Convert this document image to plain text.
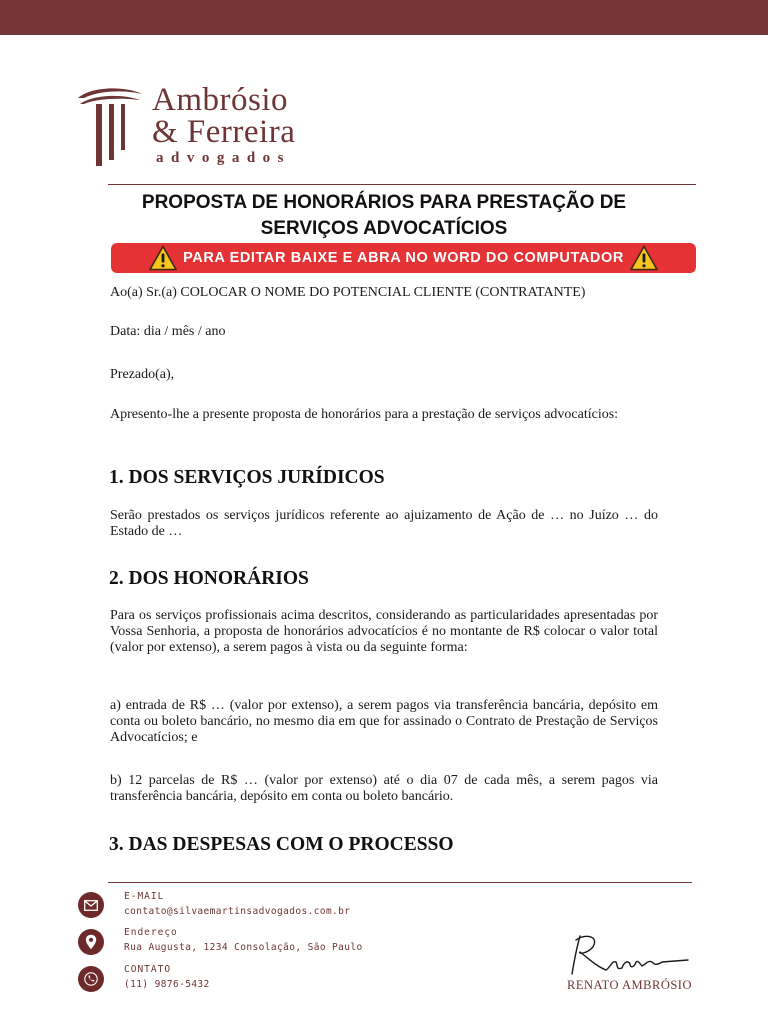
Ambrósio
& Ferreira
advogados
PROPOSTA DE HONORÁRIOS PARA PRESTAÇÃO DE
SERVIÇOS ADVOCATÍCIOS
PARA EDITAR BAIXE E ABRA NO WORD DO COMPUTADOR
Ao(a) Sr.(a) COLOCAR O NOME DO POTENCIAL CLIENTE (CONTRATANTE)
Data: dia / mês / ano
Prezado(a),
Apresento-lhe a presente proposta de honorários para a prestação de serviços advocatícios:
1. DOS SERVIÇOS JURÍDICOS
Serão prestados os serviços jurídicos referente ao ajuizamento de Ação de … no Juízo … do Estado de …
2. DOS HONORÁRIOS
Para os serviços profissionais acima descritos, considerando as particularidades apresentadas por Vossa Senhoria, a proposta de honorários advocatícios é no montante de R$ colocar o valor total (valor por extenso), a serem pagos à vista ou da seguinte forma:
a) entrada de R$ … (valor por extenso), a serem pagos via transferência bancária, depósito em conta ou boleto bancário, no mesmo dia em que for assinado o Contrato de Prestação de Serviços Advocatícios; e
b) 12 parcelas de R$ … (valor por extenso) até o dia 07 de cada mês, a serem pagos via transferência bancária, depósito em conta ou boleto bancário.
3. DAS DESPESAS COM O PROCESSO
E-MAIL
contato@silvaemartinsadvogados.com.br
Endereço
Rua Augusta, 1234 Consolação, São Paulo
CONTATO
(11) 9876-5432	RENATO AMBRÓSIO
